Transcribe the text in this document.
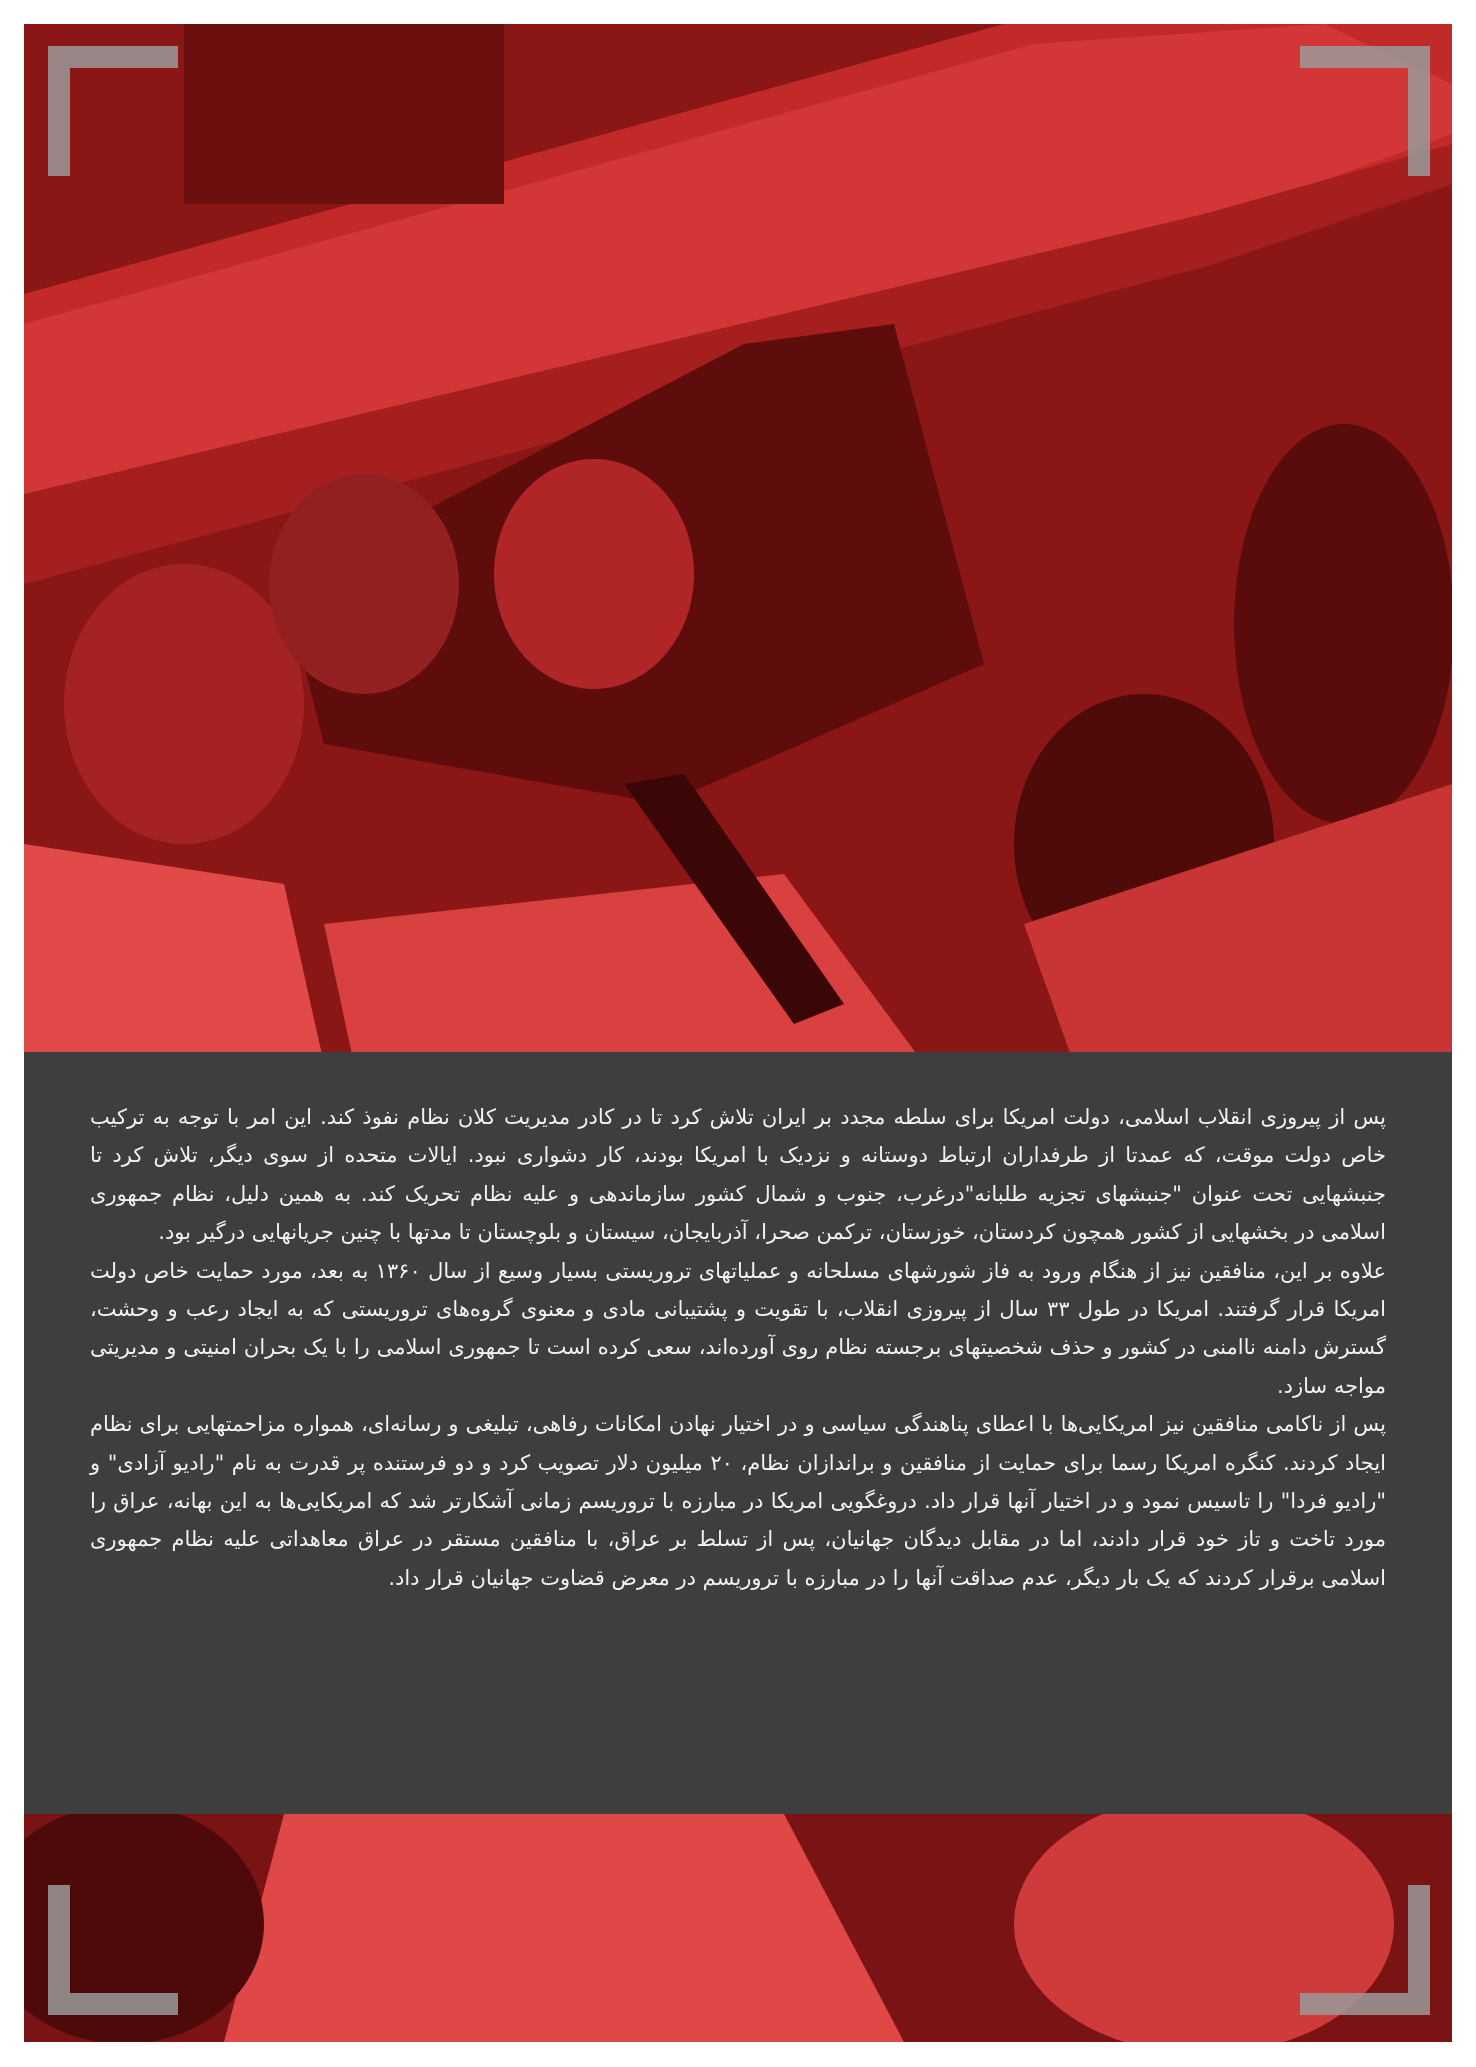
پس از پیروزی انقلاب اسلامی، دولت امریکا برای سلطه مجدد بر ایران تلاش کرد تا در کادر مدیریت کلان نظام نفوذ کند. این امر با توجه به ترکیب خاص دولت موقت، که عمدتا از طرفداران ارتباط دوستانه و نزدیک با امریکا بودند، کار دشواری نبود. ایالات متحده از سوی دیگر، تلاش کرد تا جنبشهایی تحت عنوان "جنبشهای تجزیه طلبانه"درغرب، جنوب و شمال کشور سازماندهی و علیه نظام تحریک کند. به همین دلیل، نظام جمهوری اسلامی در بخشهایی از کشور همچون کردستان، خوزستان، ترکمن صحرا، آذربایجان، سیستان و بلوچستان تا مدتها با چنین جریانهایی درگیر بود.

علاوه بر این، منافقین نیز از هنگام ورود به فاز شورشهای مسلحانه و عملیاتهای تروریستی بسیار وسیع از سال ۱۳۶۰ به بعد، مورد حمایت خاص دولت امریکا قرار گرفتند. امریکا در طول ۳۳ سال از پیروزی انقلاب، با تقویت و پشتیبانی مادی و معنوی گروه‌های تروریستی که به ایجاد رعب و وحشت، گسترش دامنه ناامنی در کشور و حذف شخصیتهای برجسته نظام روی آورده‌اند، سعی کرده است تا جمهوری اسلامی را با یک بحران امنیتی و مدیریتی مواجه سازد.

پس از ناکامی منافقین نیز امریکایی‌ها با اعطای پناهندگی سیاسی و در اختیار نهادن امکانات رفاهی، تبلیغی و رسانه‌ای، همواره مزاحمتهایی برای نظام ایجاد کردند. کنگره امریکا رسما برای حمایت از منافقین و براندازان نظام، ۲۰ میلیون دلار تصویب کرد و دو فرستنده پر قدرت به نام "رادیو آزادی" و "رادیو فردا" را تاسیس نمود و در اختیار آنها قرار داد. دروغگویی امریکا در مبارزه با تروریسم زمانی آشکارتر شد که امریکایی‌ها به این بهانه، عراق را مورد تاخت و تاز خود قرار دادند، اما در مقابل دیدگان جهانیان، پس از تسلط بر عراق، با منافقین مستقر در عراق معاهداتی علیه نظام جمهوری اسلامی برقرار کردند که یک بار دیگر، عدم صداقت آنها را در مبارزه با تروریسم در معرض قضاوت جهانیان قرار داد.
